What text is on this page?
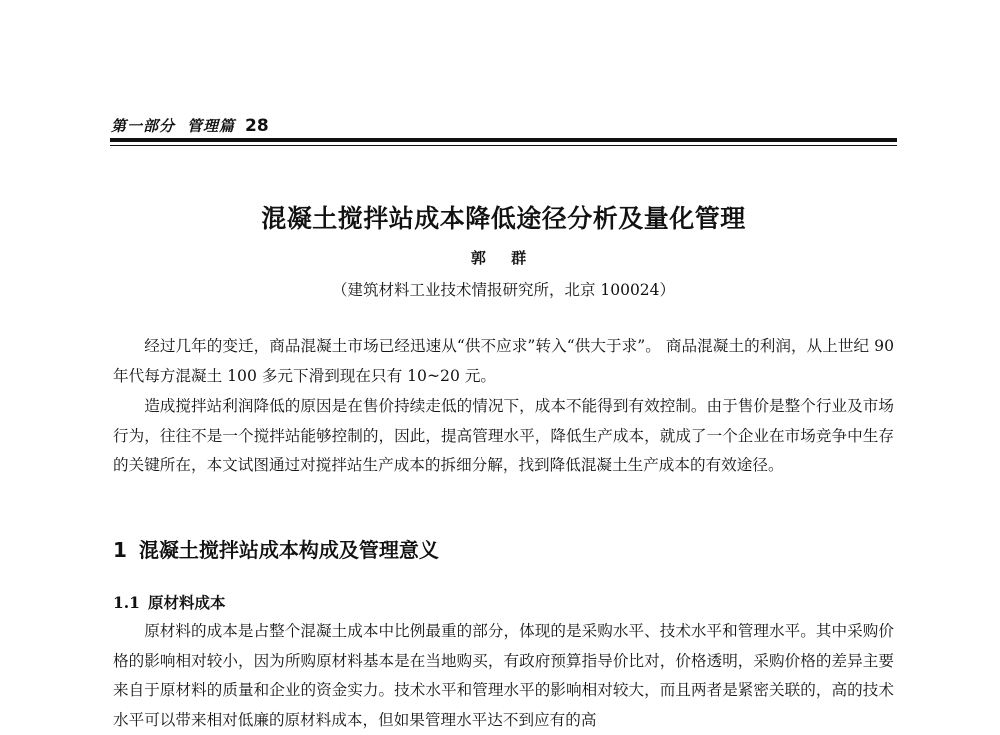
第一部分 管理篇 28
混凝土搅拌站成本降低途径分析及量化管理
郭 群
（建筑材料工业技术情报研究所，北京 100024）

经过几年的变迁，商品混凝土市场已经迅速从“供不应求”转入“供大于求”。 商品混凝土的利润，从上世纪 90 年代每方混凝土 100 多元下滑到现在只有 10~20 元。

造成搅拌站利润降低的原因是在售价持续走低的情况下，成本不能得到有效控制。由于售价是整个行业及市场行为，往往不是一个搅拌站能够控制的，因此，提高管理水平，降低生产成本，就成了一个企业在市场竞争中生存的关键所在，本文试图通过对搅拌站生产成本的拆细分解，找到降低混凝土生产成本的有效途径。

1 混凝土搅拌站成本构成及管理意义
1.1 原材料成本

原材料的成本是占整个混凝土成本中比例最重的部分，体现的是采购水平、技术水平和管理水平。其中采购价格的影响相对较小，因为所购原材料基本是在当地购买，有政府预算指导价比对，价格透明，采购价格的差异主要来自于原材料的质量和企业的资金实力。技术水平和管理水平的影响相对较大，而且两者是紧密关联的，高的技术水平可以带来相对低廉的原材料成本，但如果管理水平达不到应有的高
